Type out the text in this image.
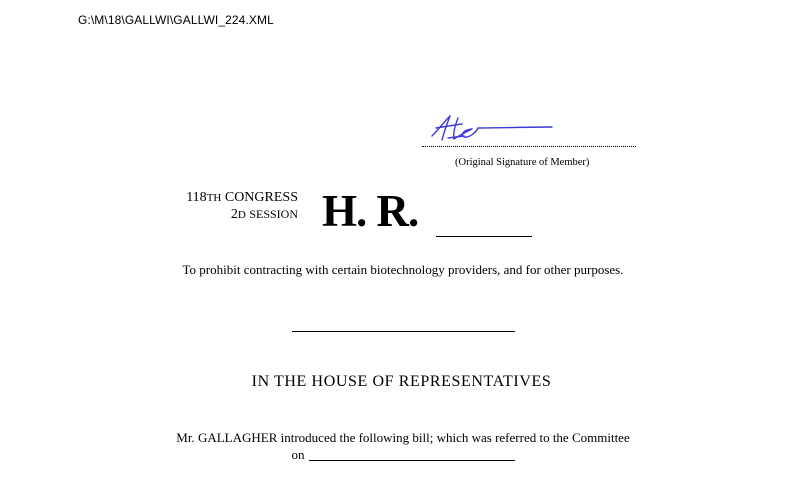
G:\M\18\GALLWI\GALLWI_224.XML
(Original Signature of Member)
118TH CONGRESS
2D SESSION H. R.
To prohibit contracting with certain biotechnology providers, and for other purposes.
IN THE HOUSE OF REPRESENTATIVES
Mr. GALLAGHER introduced the following bill; which was referred to the Committee on
